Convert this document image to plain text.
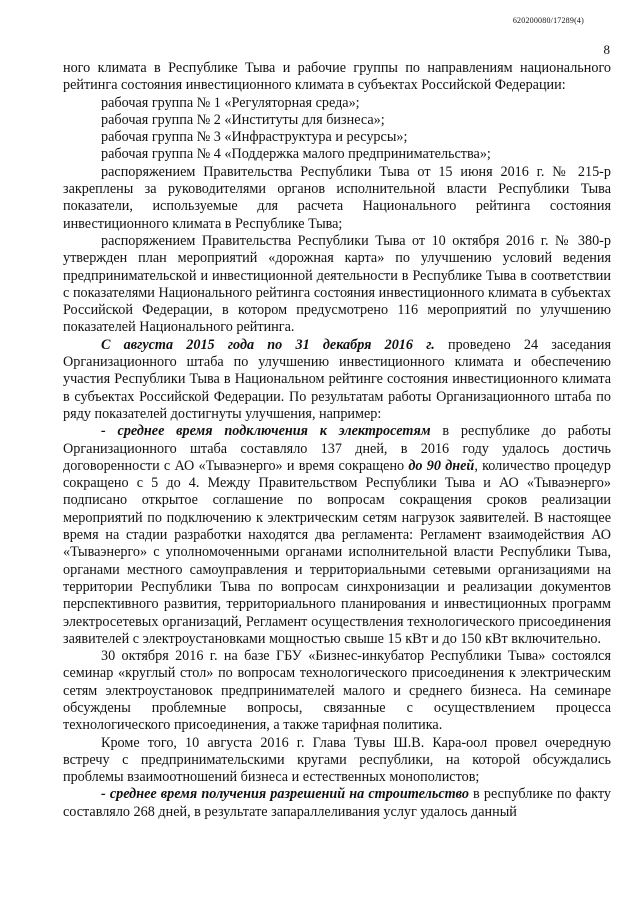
620200080/17289(4)
8

ного климата в Республике Тыва и рабочие группы по направлениям национального рейтинга состояния инвестиционного климата в субъектах Российской Федерации:

рабочая группа № 1 «Регуляторная среда»;

рабочая группа № 2 «Институты для бизнеса»;

рабочая группа № 3 «Инфраструктура и ресурсы»;

рабочая группа № 4 «Поддержка малого предпринимательства»;

распоряжением Правительства Республики Тыва от 15 июня 2016 г. № 215-р закреплены за руководителями органов исполнительной власти Республики Тыва показатели, используемые для расчета Национального рейтинга состояния инвестиционного климата в Республике Тыва;

распоряжением Правительства Республики Тыва от 10 октября 2016 г. № 380-р утвержден план мероприятий «дорожная карта» по улучшению условий ведения предпринимательской и инвестиционной деятельности в Республике Тыва в соответствии с показателями Национального рейтинга состояния инвестиционного климата в субъектах Российской Федерации, в котором предусмотрено 116 мероприятий по улучшению показателей Национального рейтинга.

С августа 2015 года по 31 декабря 2016 г. проведено 24 заседания Организационного штаба по улучшению инвестиционного климата и обеспечению участия Республики Тыва в Национальном рейтинге состояния инвестиционного климата в субъектах Российской Федерации. По результатам работы Организационного штаба по ряду показателей достигнуты улучшения, например:

- среднее время подключения к электросетям в республике до работы Организационного штаба составляло 137 дней, в 2016 году удалось достичь договоренности с АО «Тываэнерго» и время сокращено до 90 дней, количество процедур сокращено с 5 до 4. Между Правительством Республики Тыва и АО «Тываэнерго» подписано открытое соглашение по вопросам сокращения сроков реализации мероприятий по подключению к электрическим сетям нагрузок заявителей. В настоящее время на стадии разработки находятся два регламента: Регламент взаимодействия АО «Тываэнерго» с уполномоченными органами исполнительной власти Республики Тыва, органами местного самоуправления и территориальными сетевыми организациями на территории Республики Тыва по вопросам синхронизации и реализации документов перспективного развития, территориального планирования и инвестиционных программ электросетевых организаций, Регламент осуществления технологического присоединения заявителей с электроустановками мощностью свыше 15 кВт и до 150 кВт включительно.

30 октября 2016 г. на базе ГБУ «Бизнес-инкубатор Республики Тыва» состоялся семинар «круглый стол» по вопросам технологического присоединения к электрическим сетям электроустановок предпринимателей малого и среднего бизнеса. На семинаре обсуждены проблемные вопросы, связанные с осуществлением процесса технологического присоединения, а также тарифная политика.

Кроме того, 10 августа 2016 г. Глава Тувы Ш.В. Кара-оол провел очередную встречу с предпринимательскими кругами республики, на которой обсуждались проблемы взаимоотношений бизнеса и естественных монополистов;

- среднее время получения разрешений на строительство в республике по факту составляло 268 дней, в результате запараллеливания услуг удалось данный
